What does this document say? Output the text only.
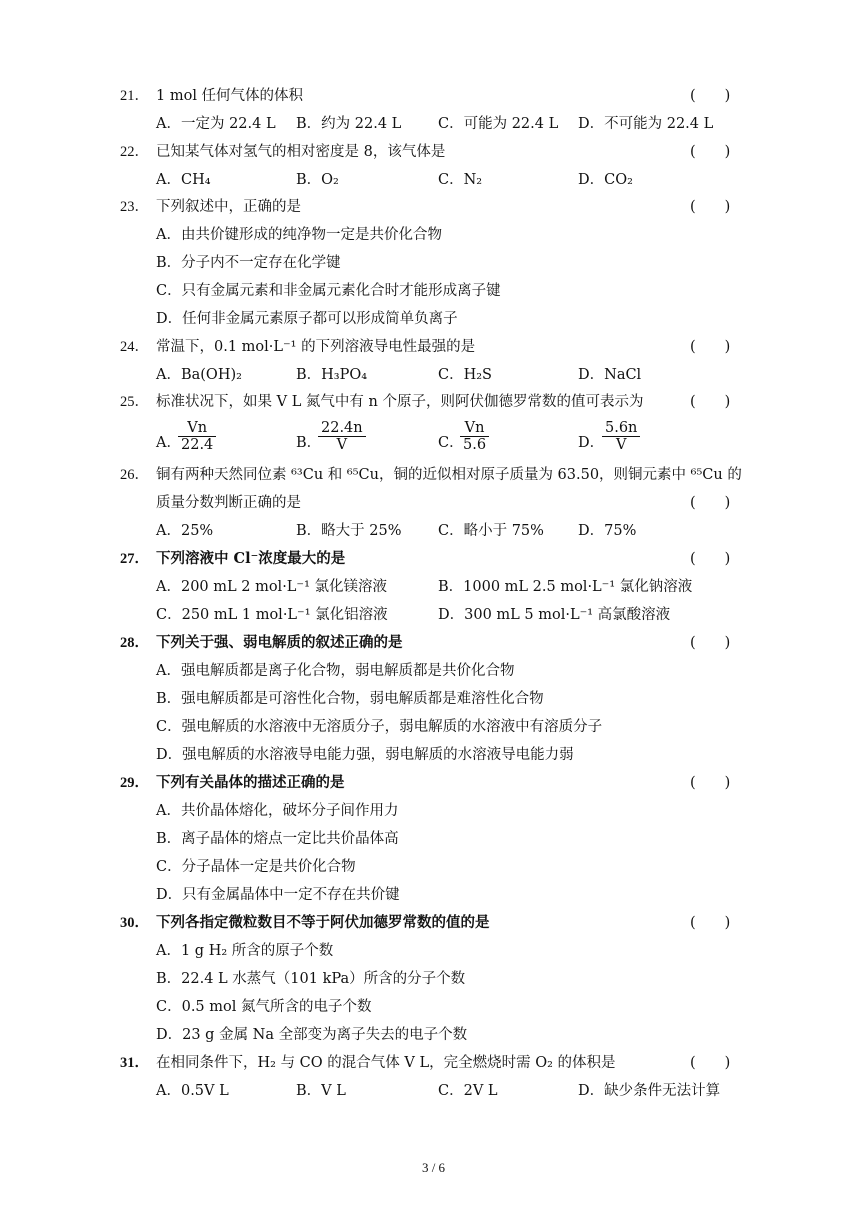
21． 1 mol 任何气体的体积	(　　)
A．一定为 22.4 L B．约为 22.4 L	C．可能为 22.4 L D．不可能为 22.4 L
22． 已知某气体对氢气的相对密度是 8，该气体是	(　　)
A．CH₄	B．O₂	C．N₂	D．CO₂
23． 下列叙述中，正确的是	(　　)
A．由共价键形成的纯净物一定是共价化合物
B．分子内不一定存在化学键
C．只有金属元素和非金属元素化合时才能形成离子键
D．任何非金属元素原子都可以形成简单负离子
24． 常温下，0.1 mol·L⁻¹ 的下列溶液导电性最强的是	(　　)
A．Ba(OH)₂	B．H₃PO₄	C．H₂S	D．NaCl
25． 标准状况下，如果 V L 氮气中有 n 个原子，则阿伏伽德罗常数的值可表示为	(　　)
A．
$\frac{Vn}{22.4}$	B．
$\frac{22.4n}{V}$	C．
$\frac{Vn}{5.6}$	D．
$\frac{5.6n}{V}$
26． 铜有两种天然同位素 ⁶³Cu 和 ⁶⁵Cu，铜的近似相对原子质量为 63.50，则铜元素中 ⁶⁵Cu 的
质量分数判断正确的是	(　　)
A．25%	B．略大于 25%	C．略小于 75% D．75%
27． 下列溶液中 Cl⁻浓度最大的是	(　　)
A．200 mL 2 mol·L⁻¹ 氯化镁溶液	B．1000 mL 2.5 mol·L⁻¹ 氯化钠溶液
C．250 mL 1 mol·L⁻¹ 氯化铝溶液	D．300 mL 5 mol·L⁻¹ 高氯酸溶液
28． 下列关于强、弱电解质的叙述正确的是	(　　)
A．强电解质都是离子化合物，弱电解质都是共价化合物
B．强电解质都是可溶性化合物，弱电解质都是难溶性化合物
C．强电解质的水溶液中无溶质分子，弱电解质的水溶液中有溶质分子
D．强电解质的水溶液导电能力强，弱电解质的水溶液导电能力弱
29． 下列有关晶体的描述正确的是	(　　)
A．共价晶体熔化，破坏分子间作用力
B．离子晶体的熔点一定比共价晶体高
C．分子晶体一定是共价化合物
D．只有金属晶体中一定不存在共价键
30． 下列各指定微粒数目不等于阿伏加德罗常数的值的是	(　　)
A．1 g H₂ 所含的原子个数
B．22.4 L 水蒸气（101 kPa）所含的分子个数
C．0.5 mol 氮气所含的电子个数
D．23 g 金属 Na 全部变为离子失去的电子个数
31． 在相同条件下，H₂ 与 CO 的混合气体 V L，完全燃烧时需 O₂ 的体积是	(　　)
A．0.5V L	B．V L	C．2V L	D．缺少条件无法计算
3 / 6
